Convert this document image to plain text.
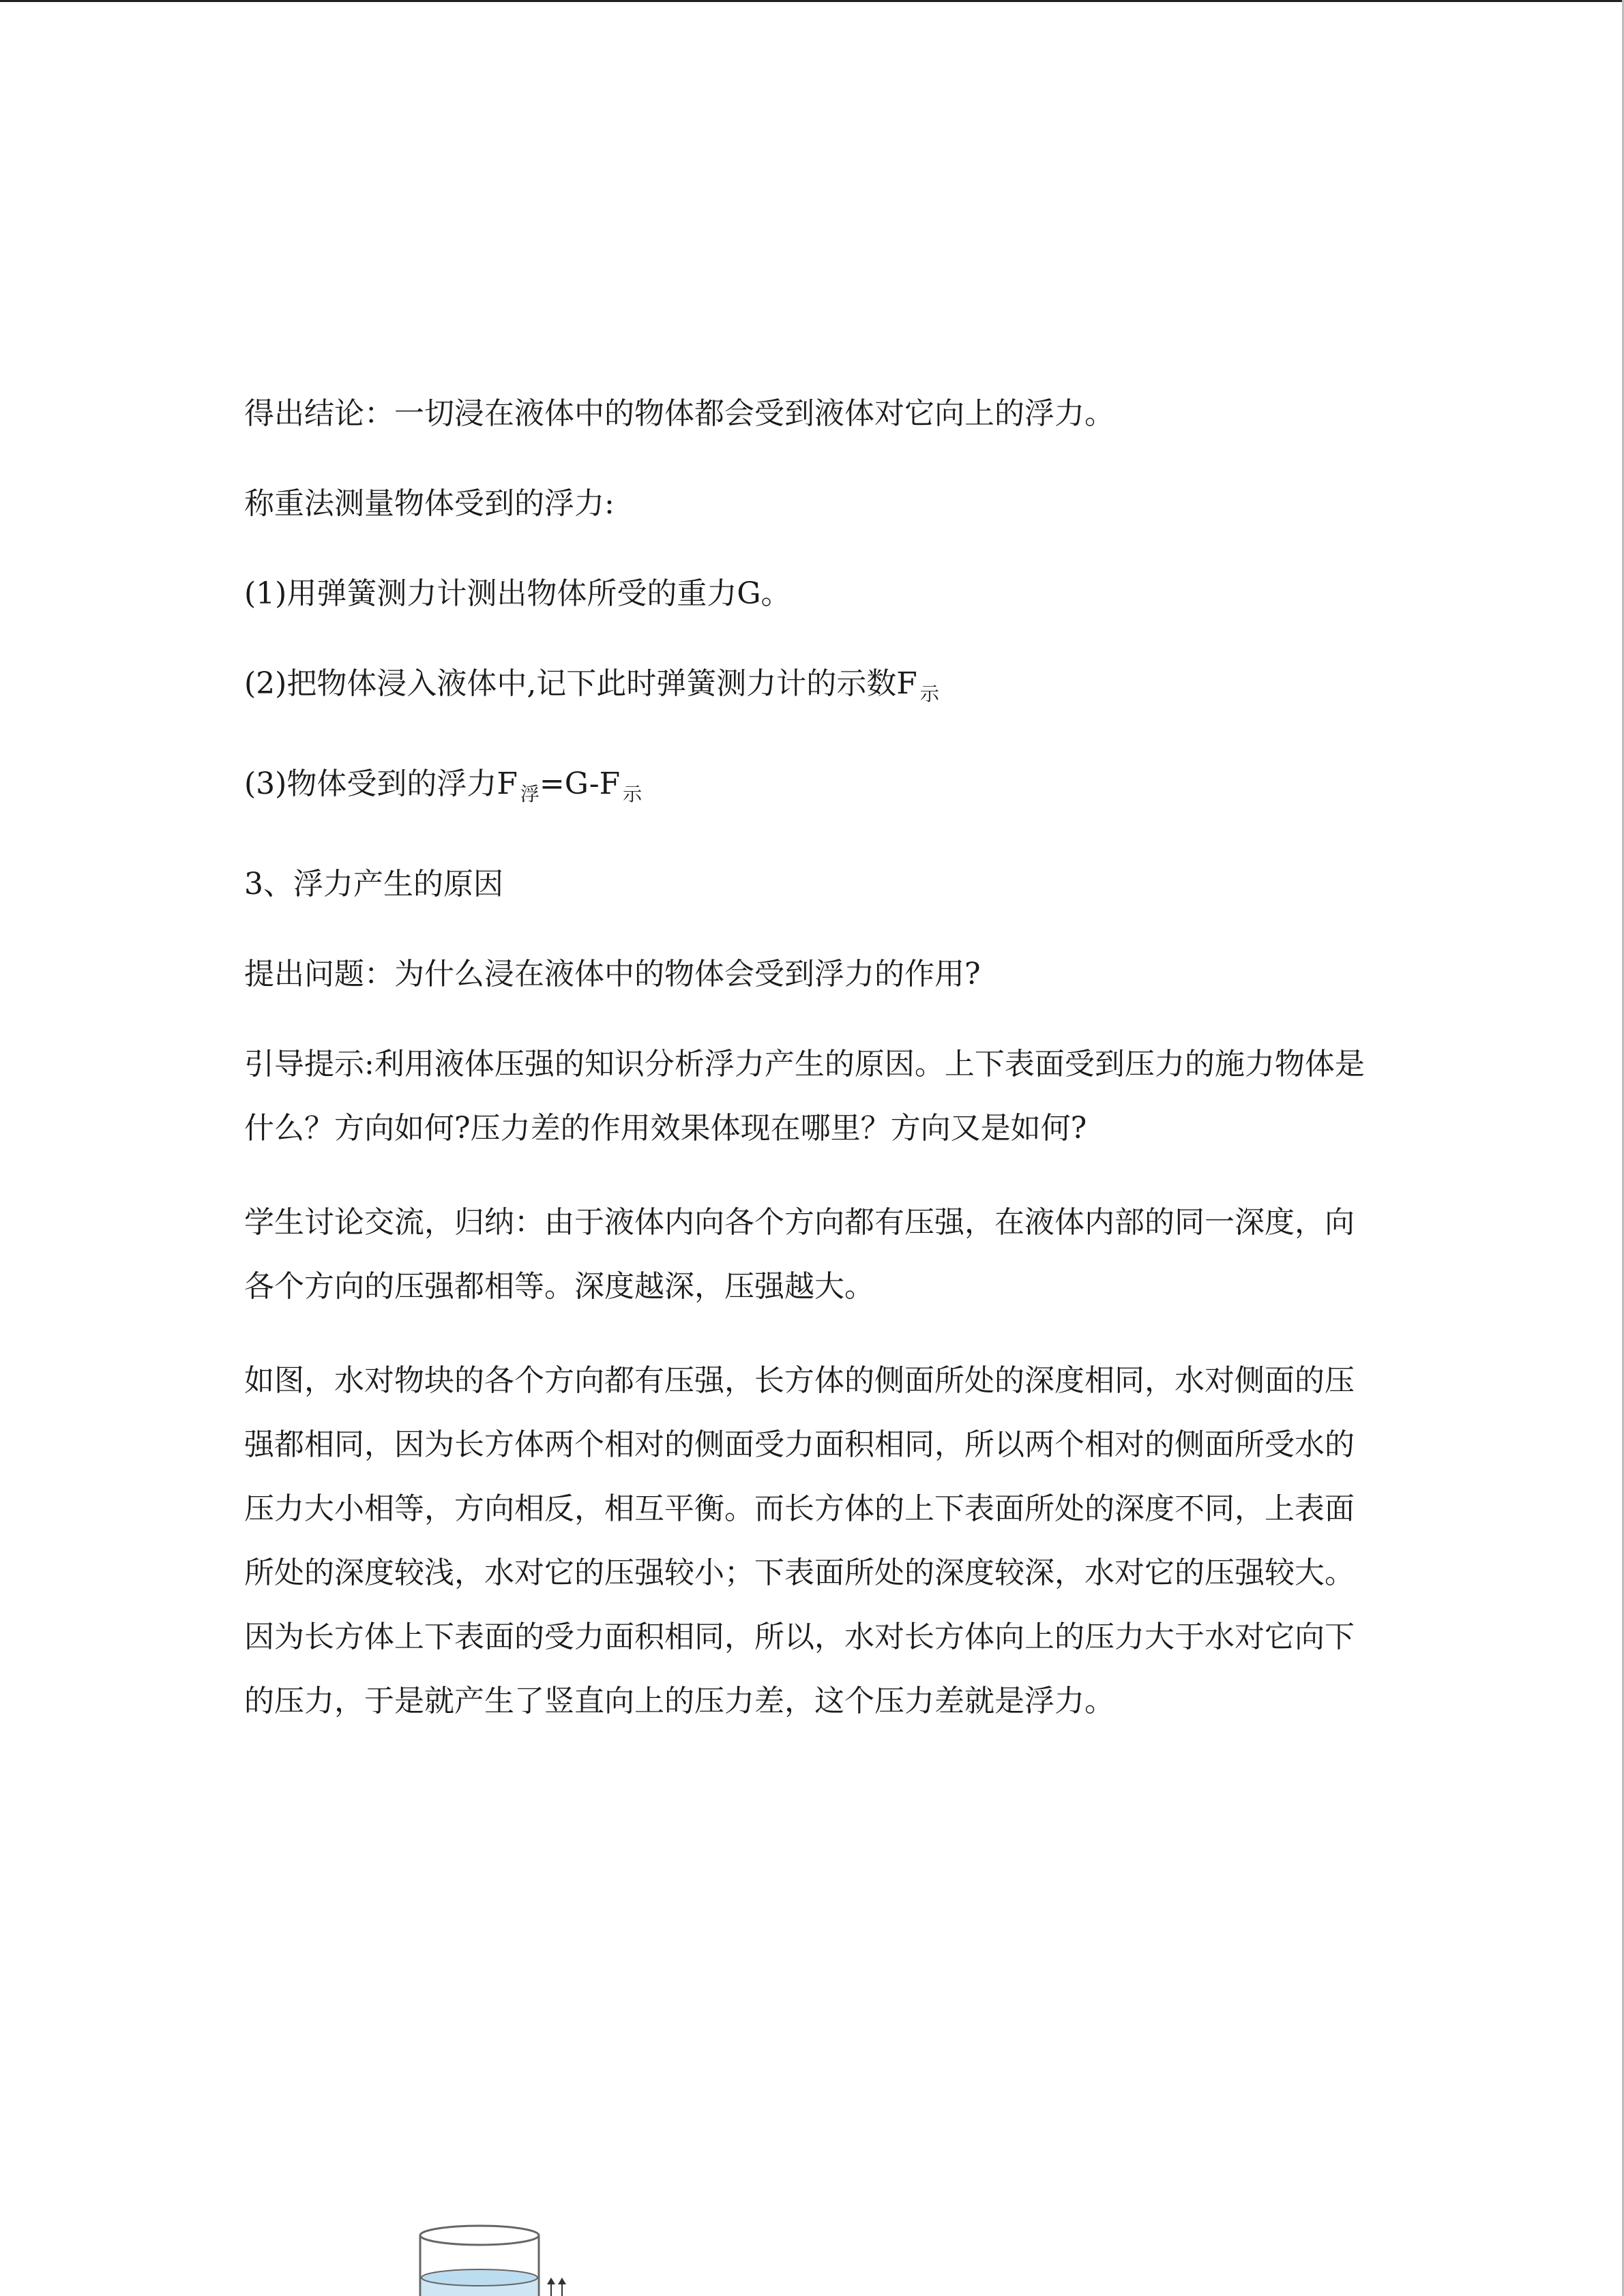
得出结论：一切浸在液体中的物体都会受到液体对它向上的浮力。

称重法测量物体受到的浮力:

(1)用弹簧测力计测出物体所受的重力G。

(2)把物体浸入液体中,记下此时弹簧测力计的示数F $_示$

(3)物体受到的浮力F $_浮$=G-F $_示$

3、浮力产生的原因

提出问题：为什么浸在液体中的物体会受到浮力的作用?

引导提示:利用液体压强的知识分析浮力产生的原因。上下表面受到压力的施力物体是什么？方向如何?压力差的作用效果体现在哪里？方向又是如何?

学生讨论交流，归纳：由于液体内向各个方向都有压强，在液体内部的同一深度，向各个方向的压强都相等。深度越深，压强越大。

如图，水对物块的各个方向都有压强，长方体的侧面所处的深度相同，水对侧面的压强都相同，因为长方体两个相对的侧面受力面积相同，所以两个相对的侧面所受水的压力大小相等，方向相反，相互平衡。而长方体的上下表面所处的深度不同，上表面所处的深度较浅，水对它的压强较小；下表面所处的深度较深，水对它的压强较大。因为长方体上下表面的受力面积相同，所以，水对长方体向上的压力大于水对它向下的压力，于是就产生了竖直向上的压力差，这个压力差就是浮力。
